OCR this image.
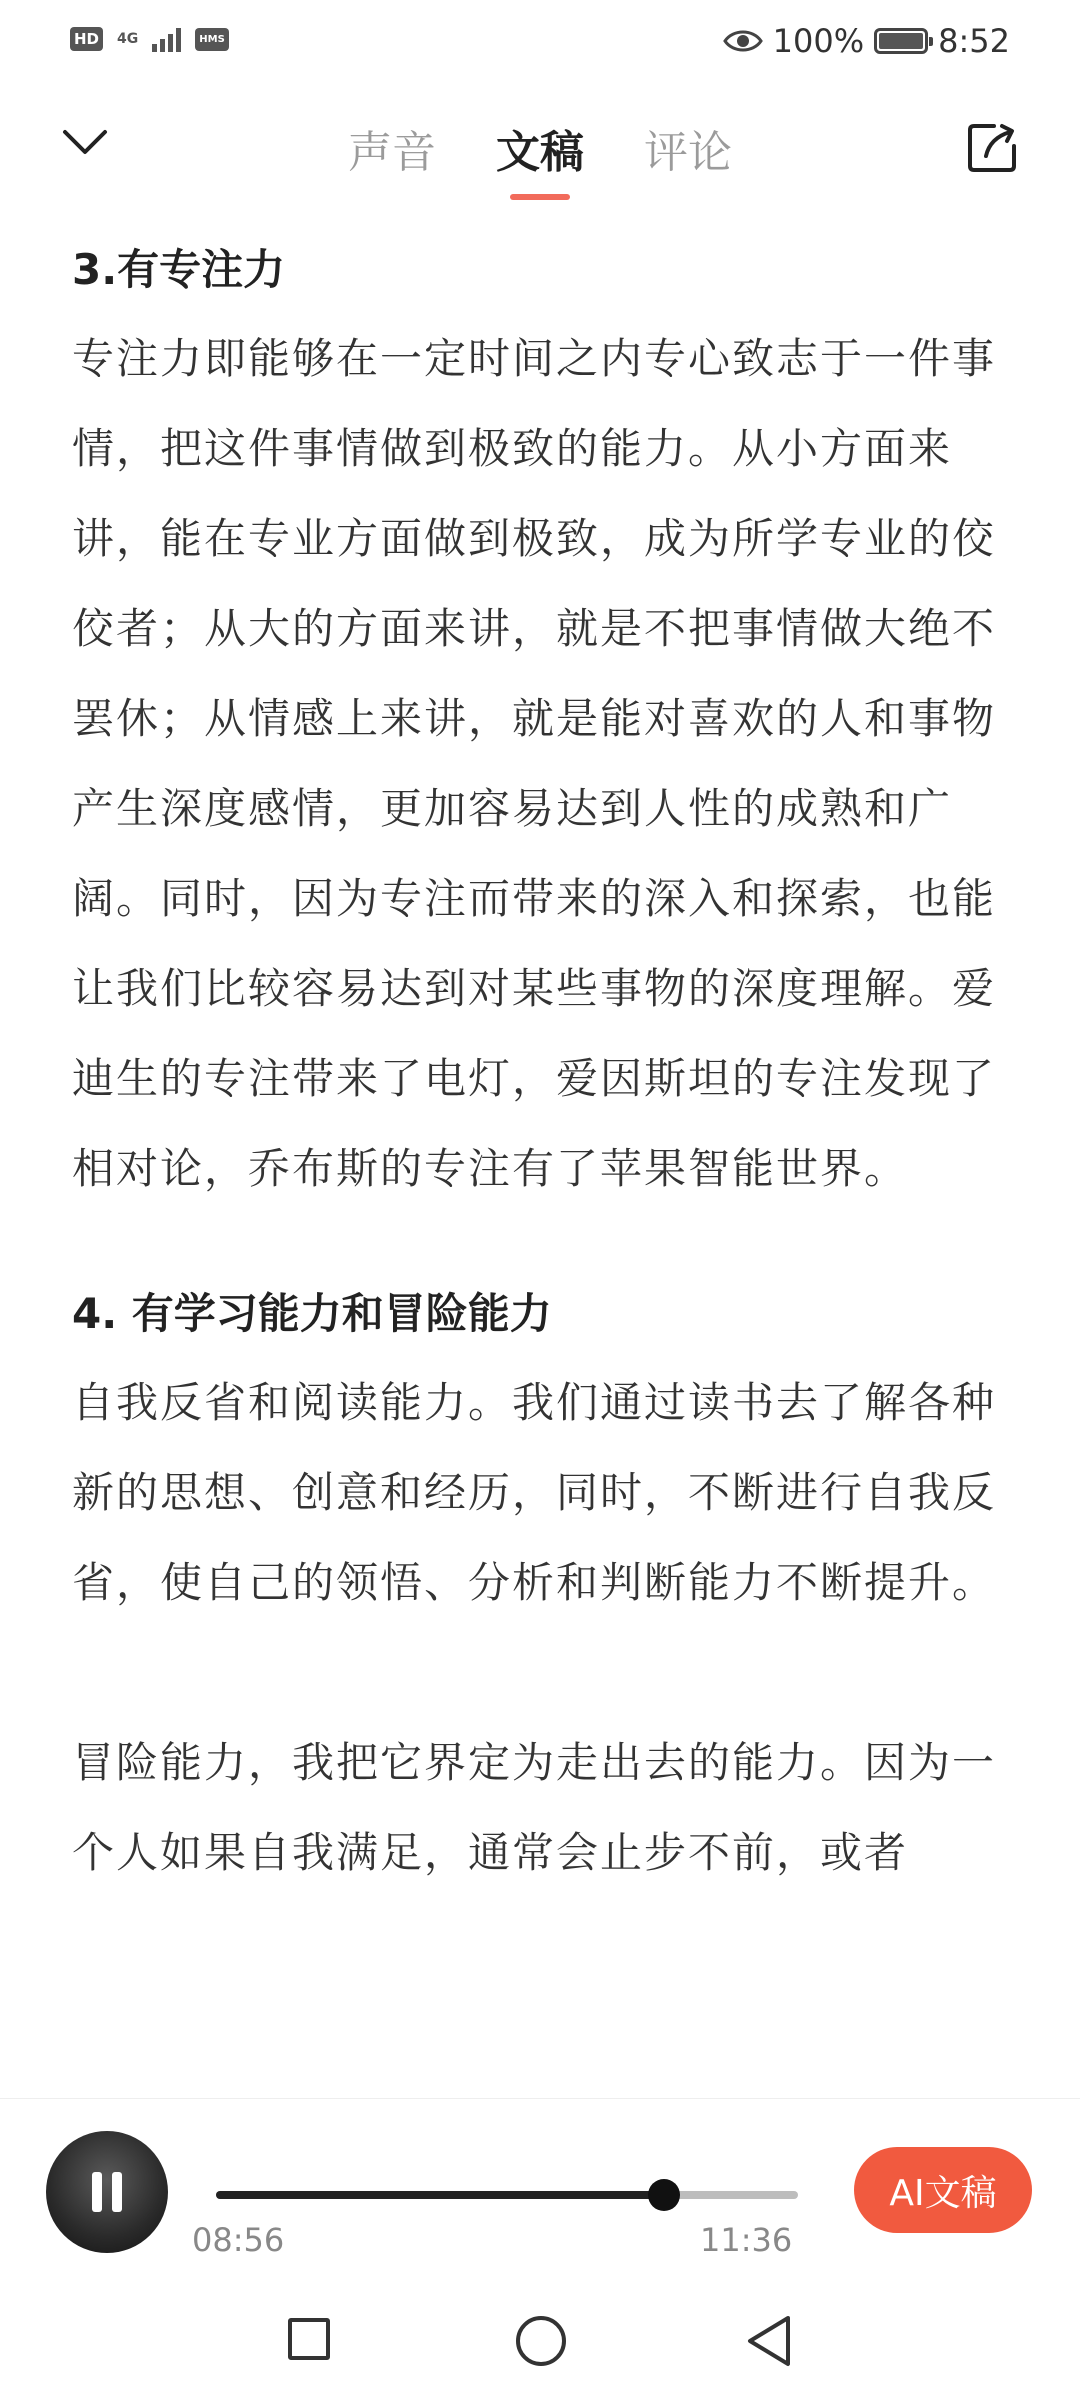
HD 4G	HMS	100% 8:52
声音 文稿 评论
3.有专注力

专注力即能够在一定时间之内专心致志于一件事情，把这件事情做到极致的能力。从小方面来讲，能在专业方面做到极致，成为所学专业的佼佼者；从大的方面来讲，就是不把事情做大绝不罢休；从情感上来讲，就是能对喜欢的人和事物产生深度感情，更加容易达到人性的成熟和广阔。同时，因为专注而带来的深入和探索，也能让我们比较容易达到对某些事物的深度理解。爱迪生的专注带来了电灯，爱因斯坦的专注发现了相对论，乔布斯的专注有了苹果智能世界。

4. 有学习能力和冒险能力

自我反省和阅读能力。我们通过读书去了解各种新的思想、创意和经历，同时，不断进行自我反省，使自己的领悟、分析和判断能力不断提升。

冒险能力，我把它界定为走出去的能力。因为一个人如果自我满足，通常会止步不前，或者

08:56	11:36
AI文稿
